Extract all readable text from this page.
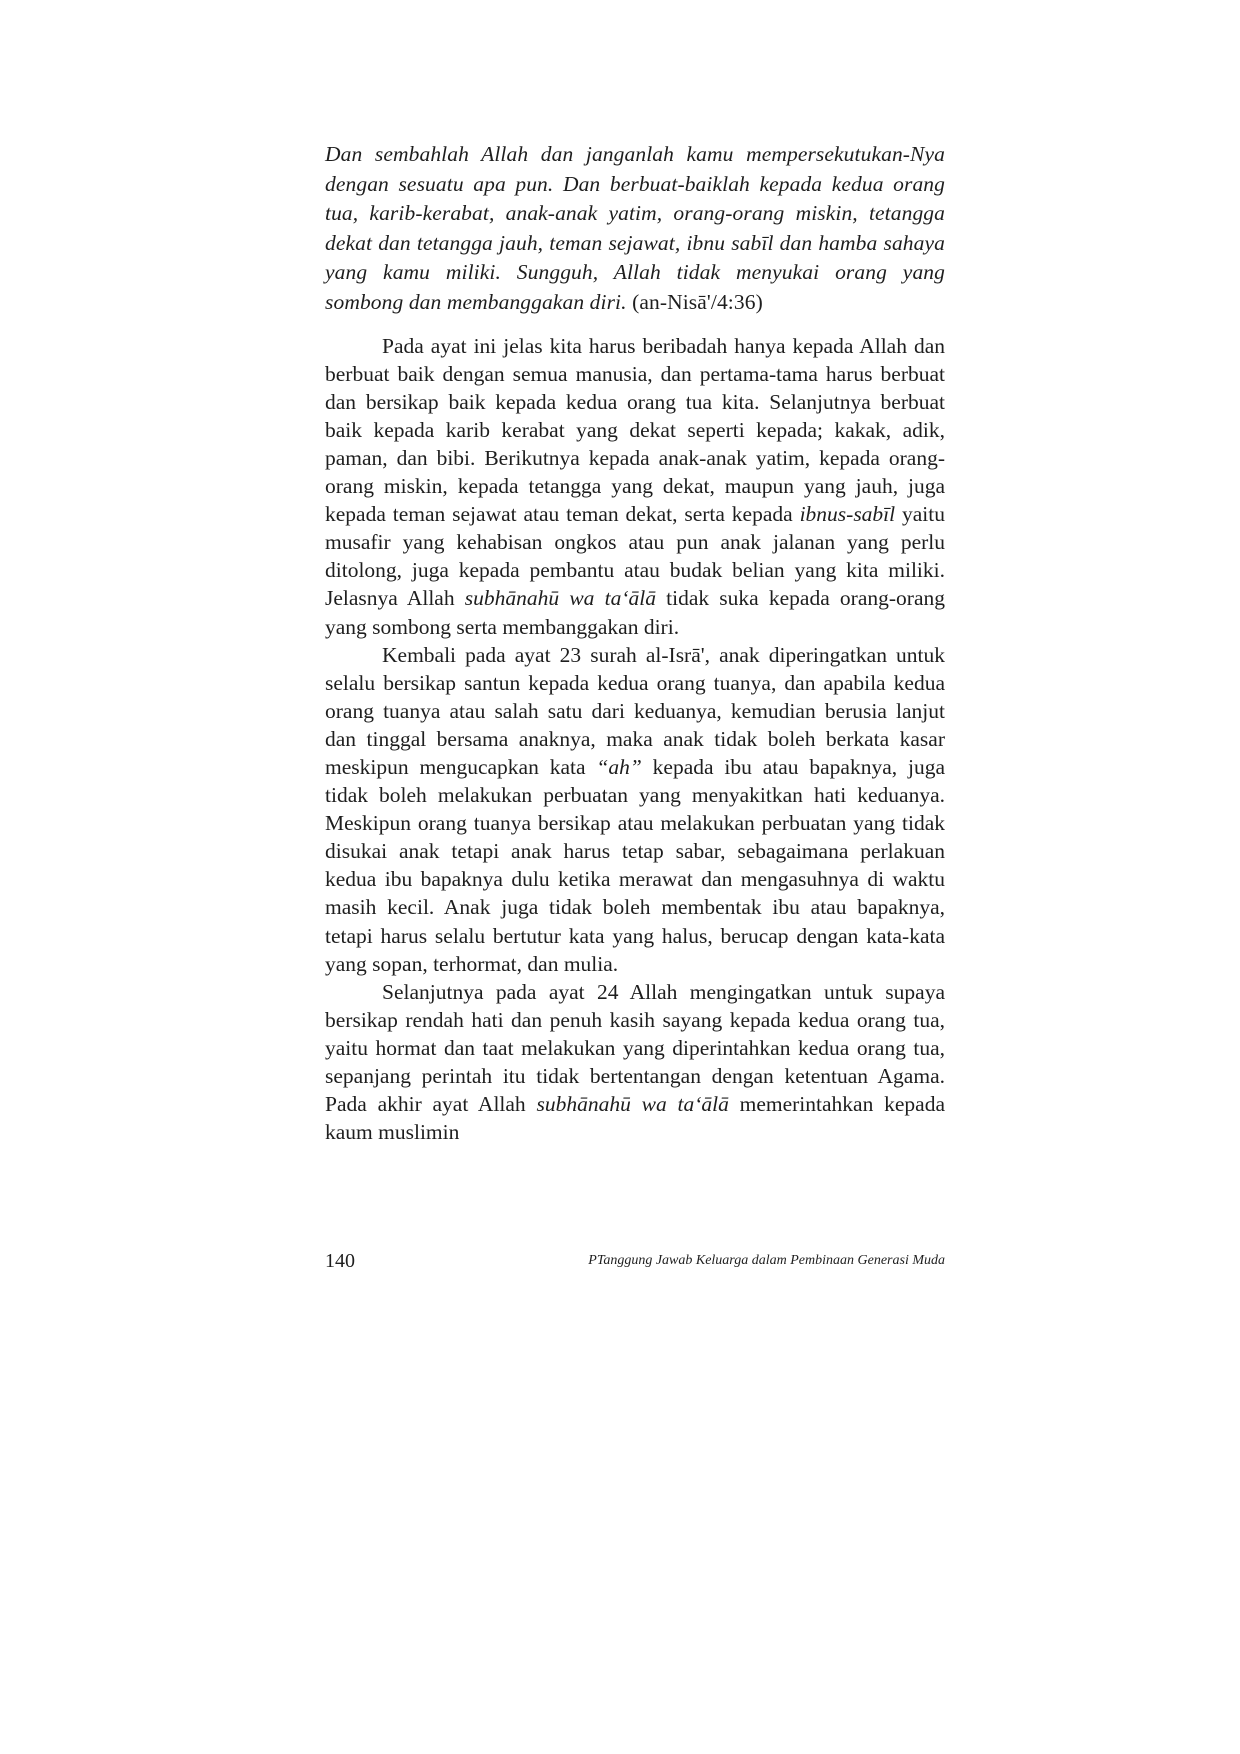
Dan sembahlah Allah dan janganlah kamu mempersekutukan-Nya dengan sesuatu apa pun. Dan berbuat-baiklah kepada kedua orang tua, karib-kerabat, anak-anak yatim, orang-orang miskin, tetangga dekat dan tetangga jauh, teman sejawat, ibnu sabīl dan hamba sahaya yang kamu miliki. Sungguh, Allah tidak menyukai orang yang sombong dan membanggakan diri. (an-Nisā'/4:36)

Pada ayat ini jelas kita harus beribadah hanya kepada Allah dan berbuat baik dengan semua manusia, dan pertama-tama harus berbuat dan bersikap baik kepada kedua orang tua kita. Selanjutnya berbuat baik kepada karib kerabat yang dekat seperti kepada; kakak, adik, paman, dan bibi. Berikutnya kepada anak-anak yatim, kepada orang-orang miskin, kepada tetangga yang dekat, maupun yang jauh, juga kepada teman sejawat atau teman dekat, serta kepada ibnus-sabīl yaitu musafir yang kehabisan ongkos atau pun anak jalanan yang perlu ditolong, juga kepada pembantu atau budak belian yang kita miliki. Jelasnya Allah subhānahū wa ta‘ālā tidak suka kepada orang-orang yang sombong serta membanggakan diri.

Kembali pada ayat 23 surah al-Isrā', anak diperingatkan untuk selalu bersikap santun kepada kedua orang tuanya, dan apabila kedua orang tuanya atau salah satu dari keduanya, kemudian berusia lanjut dan tinggal bersama anaknya, maka anak tidak boleh berkata kasar meskipun mengucapkan kata “ah” kepada ibu atau bapaknya, juga tidak boleh melakukan perbuatan yang menyakitkan hati keduanya. Meskipun orang tuanya bersikap atau melakukan perbuatan yang tidak disukai anak tetapi anak harus tetap sabar, sebagaimana perlakuan kedua ibu bapaknya dulu ketika merawat dan mengasuhnya di waktu masih kecil. Anak juga tidak boleh membentak ibu atau bapaknya, tetapi harus selalu bertutur kata yang halus, berucap dengan kata-kata yang sopan, terhormat, dan mulia.

Selanjutnya pada ayat 24 Allah mengingatkan untuk supaya bersikap rendah hati dan penuh kasih sayang kepada kedua orang tua, yaitu hormat dan taat melakukan yang diperintahkan kedua orang tua, sepanjang perintah itu tidak bertentangan dengan ketentuan Agama. Pada akhir ayat Allah subhānahū wa ta‘ālā memerintahkan kepada kaum muslimin

140	PTanggung Jawab Keluarga dalam Pembinaan Generasi Muda
